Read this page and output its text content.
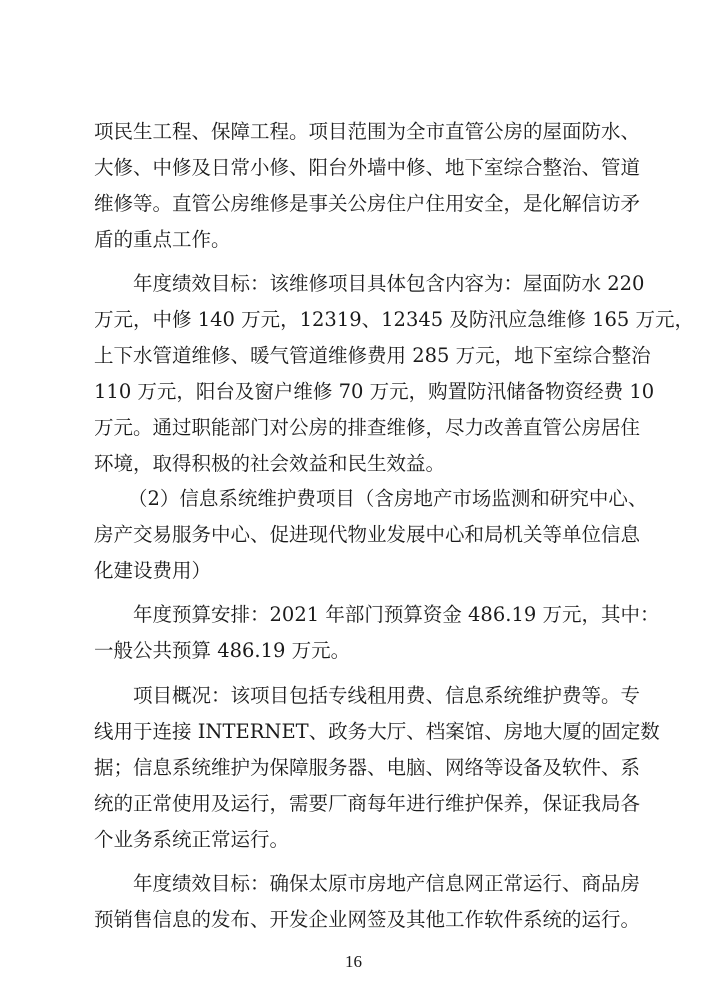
项民生工程、保障工程。项目范围为全市直管公房的屋面防水、
大修、中修及日常小修、阳台外墙中修、地下室综合整治、管道
维修等。直管公房维修是事关公房住户住用安全，是化解信访矛
盾的重点工作。
年度绩效目标：该维修项目具体包含内容为：屋面防水 220
万元，中修 140 万元，12319、12345 及防汛应急维修 165 万元，
上下水管道维修、暖气管道维修费用 285 万元，地下室综合整治
110 万元，阳台及窗户维修 70 万元，购置防汛储备物资经费 10
万元。通过职能部门对公房的排查维修，尽力改善直管公房居住
环境，取得积极的社会效益和民生效益。
（2）信息系统维护费项目（含房地产市场监测和研究中心、
房产交易服务中心、促进现代物业发展中心和局机关等单位信息
化建设费用）
年度预算安排：2021 年部门预算资金 486.19 万元，其中：
一般公共预算 486.19 万元。
项目概况：该项目包括专线租用费、信息系统维护费等。专
线用于连接 INTERNET、政务大厅、档案馆、房地大厦的固定数
据；信息系统维护为保障服务器、电脑、网络等设备及软件、系
统的正常使用及运行，需要厂商每年进行维护保养，保证我局各
个业务系统正常运行。
年度绩效目标：确保太原市房地产信息网正常运行、商品房
预销售信息的发布、开发企业网签及其他工作软件系统的运行。
16
